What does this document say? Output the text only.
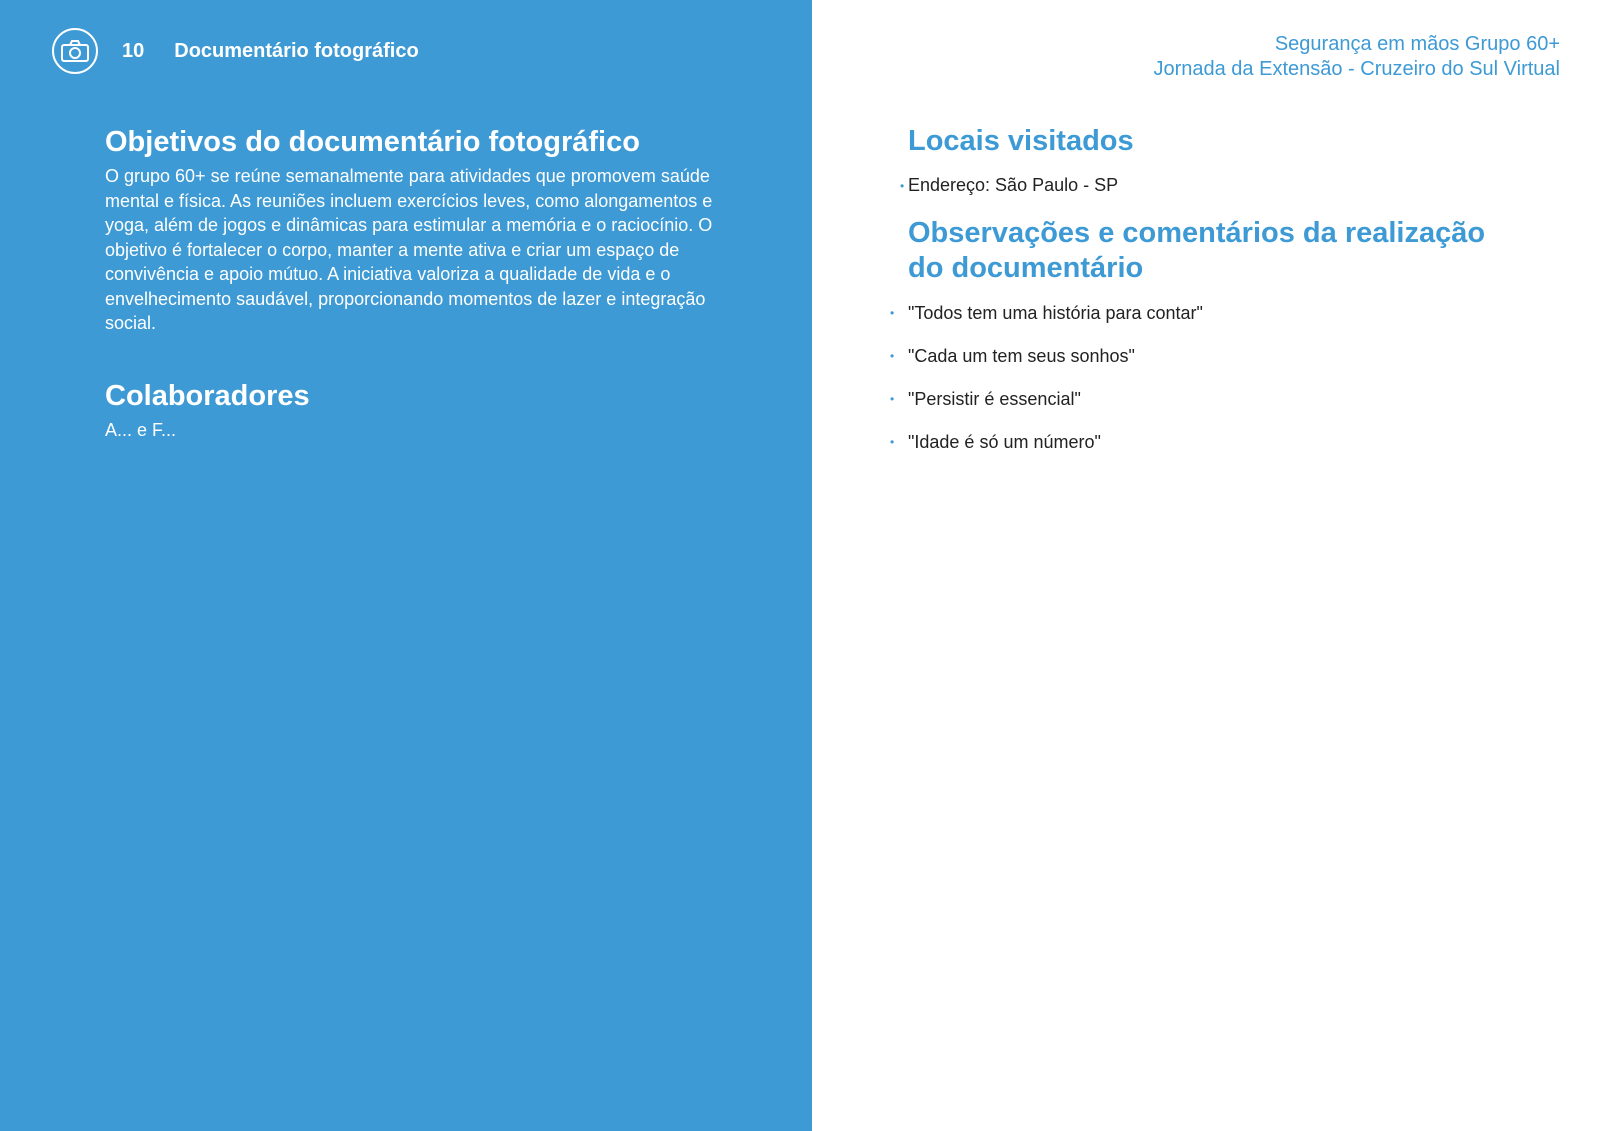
10 Documentário fotográfico
Objetivos do documentário fotográfico

O grupo 60+ se reúne semanalmente para atividades que promovem saúde mental e física. As reuniões incluem exercícios leves, como alongamentos e yoga, além de jogos e dinâmicas para estimular a memória e o raciocínio. O objetivo é fortalecer o corpo, manter a mente ativa e criar um espaço de convivência e apoio mútuo. A iniciativa valoriza a qualidade de vida e o envelhecimento saudável, proporcionando momentos de lazer e integração social.

Colaboradores

A... e F...

Segurança em mãos Grupo 60+
Jornada da Extensão - Cruzeiro do Sul Virtual
Locais visitados
• Endereço: São Paulo - SP
Observações e comentários da realização do documentário
• "Todos tem uma história para contar"
• "Cada um tem seus sonhos"
• "Persistir é essencial"
• "Idade é só um número"
